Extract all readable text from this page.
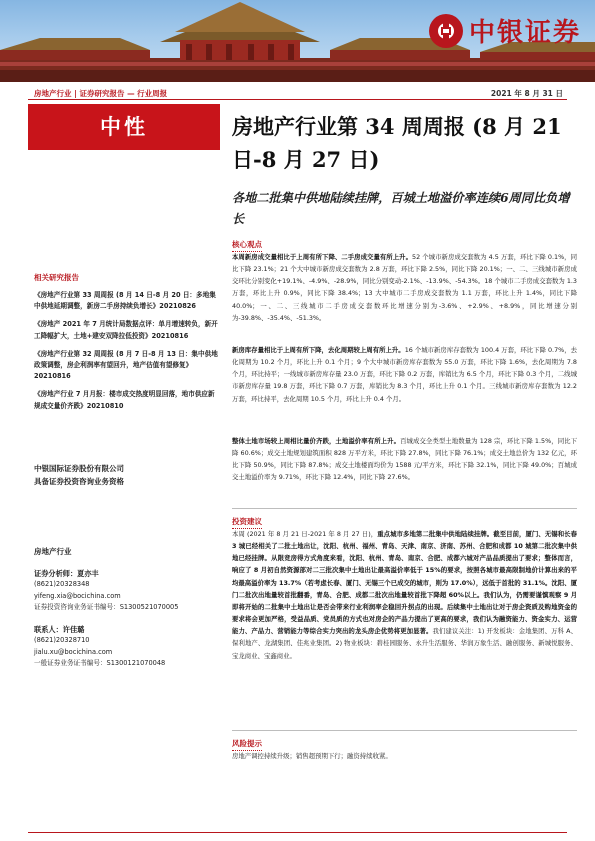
中银证券
房地产行业 | 证券研究报告 — 行业周报	2021 年 8 月 31 日
中性
相关研究报告
《房地产行业第 33 周周报 (8 月 14 日-8 月 20 日：多地集中供地延期调整，新房二手房持续负增长》20210826
《房地产 2021 年 7 月统计局数据点评：单月增速转负，新开工降幅扩大，土地+建安双降拉低投资》20210816
《房地产行业第 32 周周报 (8 月 7 日-8 月 13 日：集中供地政策调整，房企利润率有望回升，地产估值有望修复》20210816
《房地产行业 7 月月报：楼市成交热度明显回落，地市供应新规成交量价齐跌》20210810
中银国际证券股份有限公司
具备证券投资咨询业务资格
房地产行业
证券分析师：夏亦丰
(8621)20328348
yifeng.xia@bocichina.com
证券投资咨询业务证书编号：S1300521070005
联系人：许佳璐
(8621)20328710
jialu.xu@bocichina.com
一般证券业务证书编号：S1300121070048
房地产行业第 34 周周报 (8 月 21 日-8 月 27 日)
各地二批集中供地陆续挂牌，百城土地溢价率连续6周同比负增长
核心观点
本周新房成交量相比于上周有所下降、二手房成交量有所上升。52 个城市新房成交套数为 4.5 万套，环比下降 0.1%，同比下降 23.1%；21 个大中城市新房成交套数为 2.8 万套，环比下降 2.5%，同比下降 20.1%；一、二、三线城市新房成交环比分别变化+19.1%、-4.9%、-28.9%，同比分别变动-2.1%、-13.9%、-54.3%。18 个城市二手房成交套数为 1.3 万套，环比上升 0.9%，同比下降 38.4%；13 大中城市二手房成交套数为 1.1 万套，环比上升 1.4%，同比下降 40.0%；一、二、三线城市二手房成交套数环比增速分别为-3.6%、+2.9%、+8.9%，同比增速分别为-39.8%、-35.4%、-51.3%。
新房库存量相比于上周有所下降，去化周期较上周有所上升。16 个城市新房库存套数为 100.4 万套，环比下降 0.7%，去化周期为 10.2 个月，环比上升 0.1 个月；9 个大中城市新房库存套数为 55.0 万套，环比下降 1.6%，去化周期为 7.8 个月，环比持平；一线城市新房库存量 23.0 万套，环比下降 0.2 万套，库销比为 6.5 个月，环比下降 0.3 个月，二线城市新房库存量 19.8 万套，环比下降 0.7 万套，库销比为 8.3 个月，环比上升 0.1 个月。三线城市新房库存套数为 12.2 万套，环比持平，去化周期 10.5 个月，环比上升 0.4 个月。
整体土地市场较上周相比量价齐跌，土地溢价率有所上升。百城成交全类型土地数量为 128 宗，环比下降 1.5%，同比下降 60.6%；成交土地规划建筑面积 828 万平方米，环比下降 27.8%，同比下降 76.1%；成交土地总价为 132 亿元，环比下降 50.9%，同比下降 87.8%；成交土地楼面均价为 1588 元/平方米，环比下降 32.1%，同比下降 49.0%；百城成交土地溢价率为 9.71%，环比下降 12.4%，同比下降 27.6%。
投资建议
本周 (2021 年 8 月 21 日-2021 年 8 月 27 日)，重点城市多地第二批集中供地陆续挂牌。截至目前，厦门、无锡和长春 3 城已经相关了二批土地出让，沈阳、杭州、福州、青岛、天津、南京、济南、苏州、合肥和成都 10 城第二批次集中供地已经挂牌。从限竞房得方式角度来看，沈阳、杭州、青岛、南京、合肥、成都六城对产品品质提出了要求；整体而言，响应了 8 月初自然资源部对二三批次集中土地出让最高溢价率低于 15%的要求，按照各城市最高限制地价计算出来的平均最高溢价率为 13.7%（若考虑长春、厦门、无锡三个已成交的城市，则为 17.0%），远低于首批的 31.1%。沈阳、厦门二批次出地量较首批翻番，青岛、合肥、成都二批次出地量较首批下降超 60%以上。我们认为，仍需要谨慎观察 9 月即将开始的二批集中土地出让是否会带来行业利润率企稳回升拐点的出现。后续集中土地出让对于房企资质及购地资金的要求将会更加严格，受益品质、党员质的方式也对房企的产品力提出了更高的要求，我们认为融资能力、资金实力、运营能力、产品力、营销能力等综合实力突出的龙头房企优势将更加显著。我们建议关注：1) 开发板块：金地集团、万科 A、保利地产、龙湖集团、佳兆业集团。2) 物业板块：碧桂园服务、永升生活服务、华润万象生活、融创服务、新城悦服务、宝龙商业、宝鑫商业。
风险提示
房地产调控持续升级；销售超预期下行；融资持续收紧。
